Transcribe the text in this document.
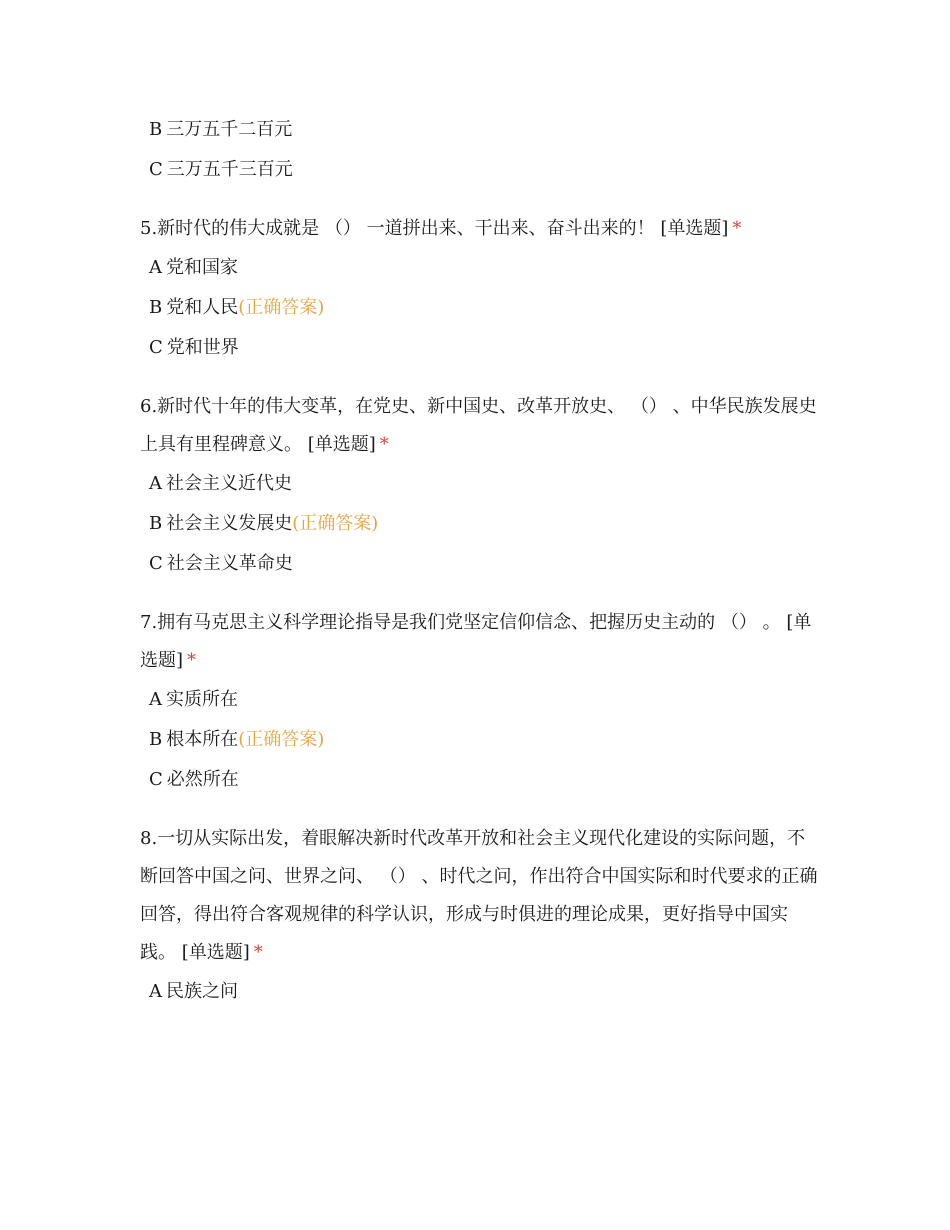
B 三万五千二百元
C 三万五千三百元
5.新时代的伟大成就是 （） 一道拼出来、干出来、奋斗出来的！ [单选题] *
A 党和国家
B 党和人民(正确答案)
C 党和世界
6.新时代十年的伟大变革，在党史、新中国史、改革开放史、 （） 、中华民族发展史上具有里程碑意义。 [单选题] *
A 社会主义近代史
B 社会主义发展史(正确答案)
C 社会主义革命史
7.拥有马克思主义科学理论指导是我们党坚定信仰信念、把握历史主动的 （） 。 [单选题] *
A 实质所在
B 根本所在(正确答案)
C 必然所在
8.一切从实际出发，着眼解决新时代改革开放和社会主义现代化建设的实际问题，不断回答中国之问、世界之问、 （） 、时代之问，作出符合中国实际和时代要求的正确回答，得出符合客观规律的科学认识，形成与时俱进的理论成果，更好指导中国实践。 [单选题] *
A 民族之问
